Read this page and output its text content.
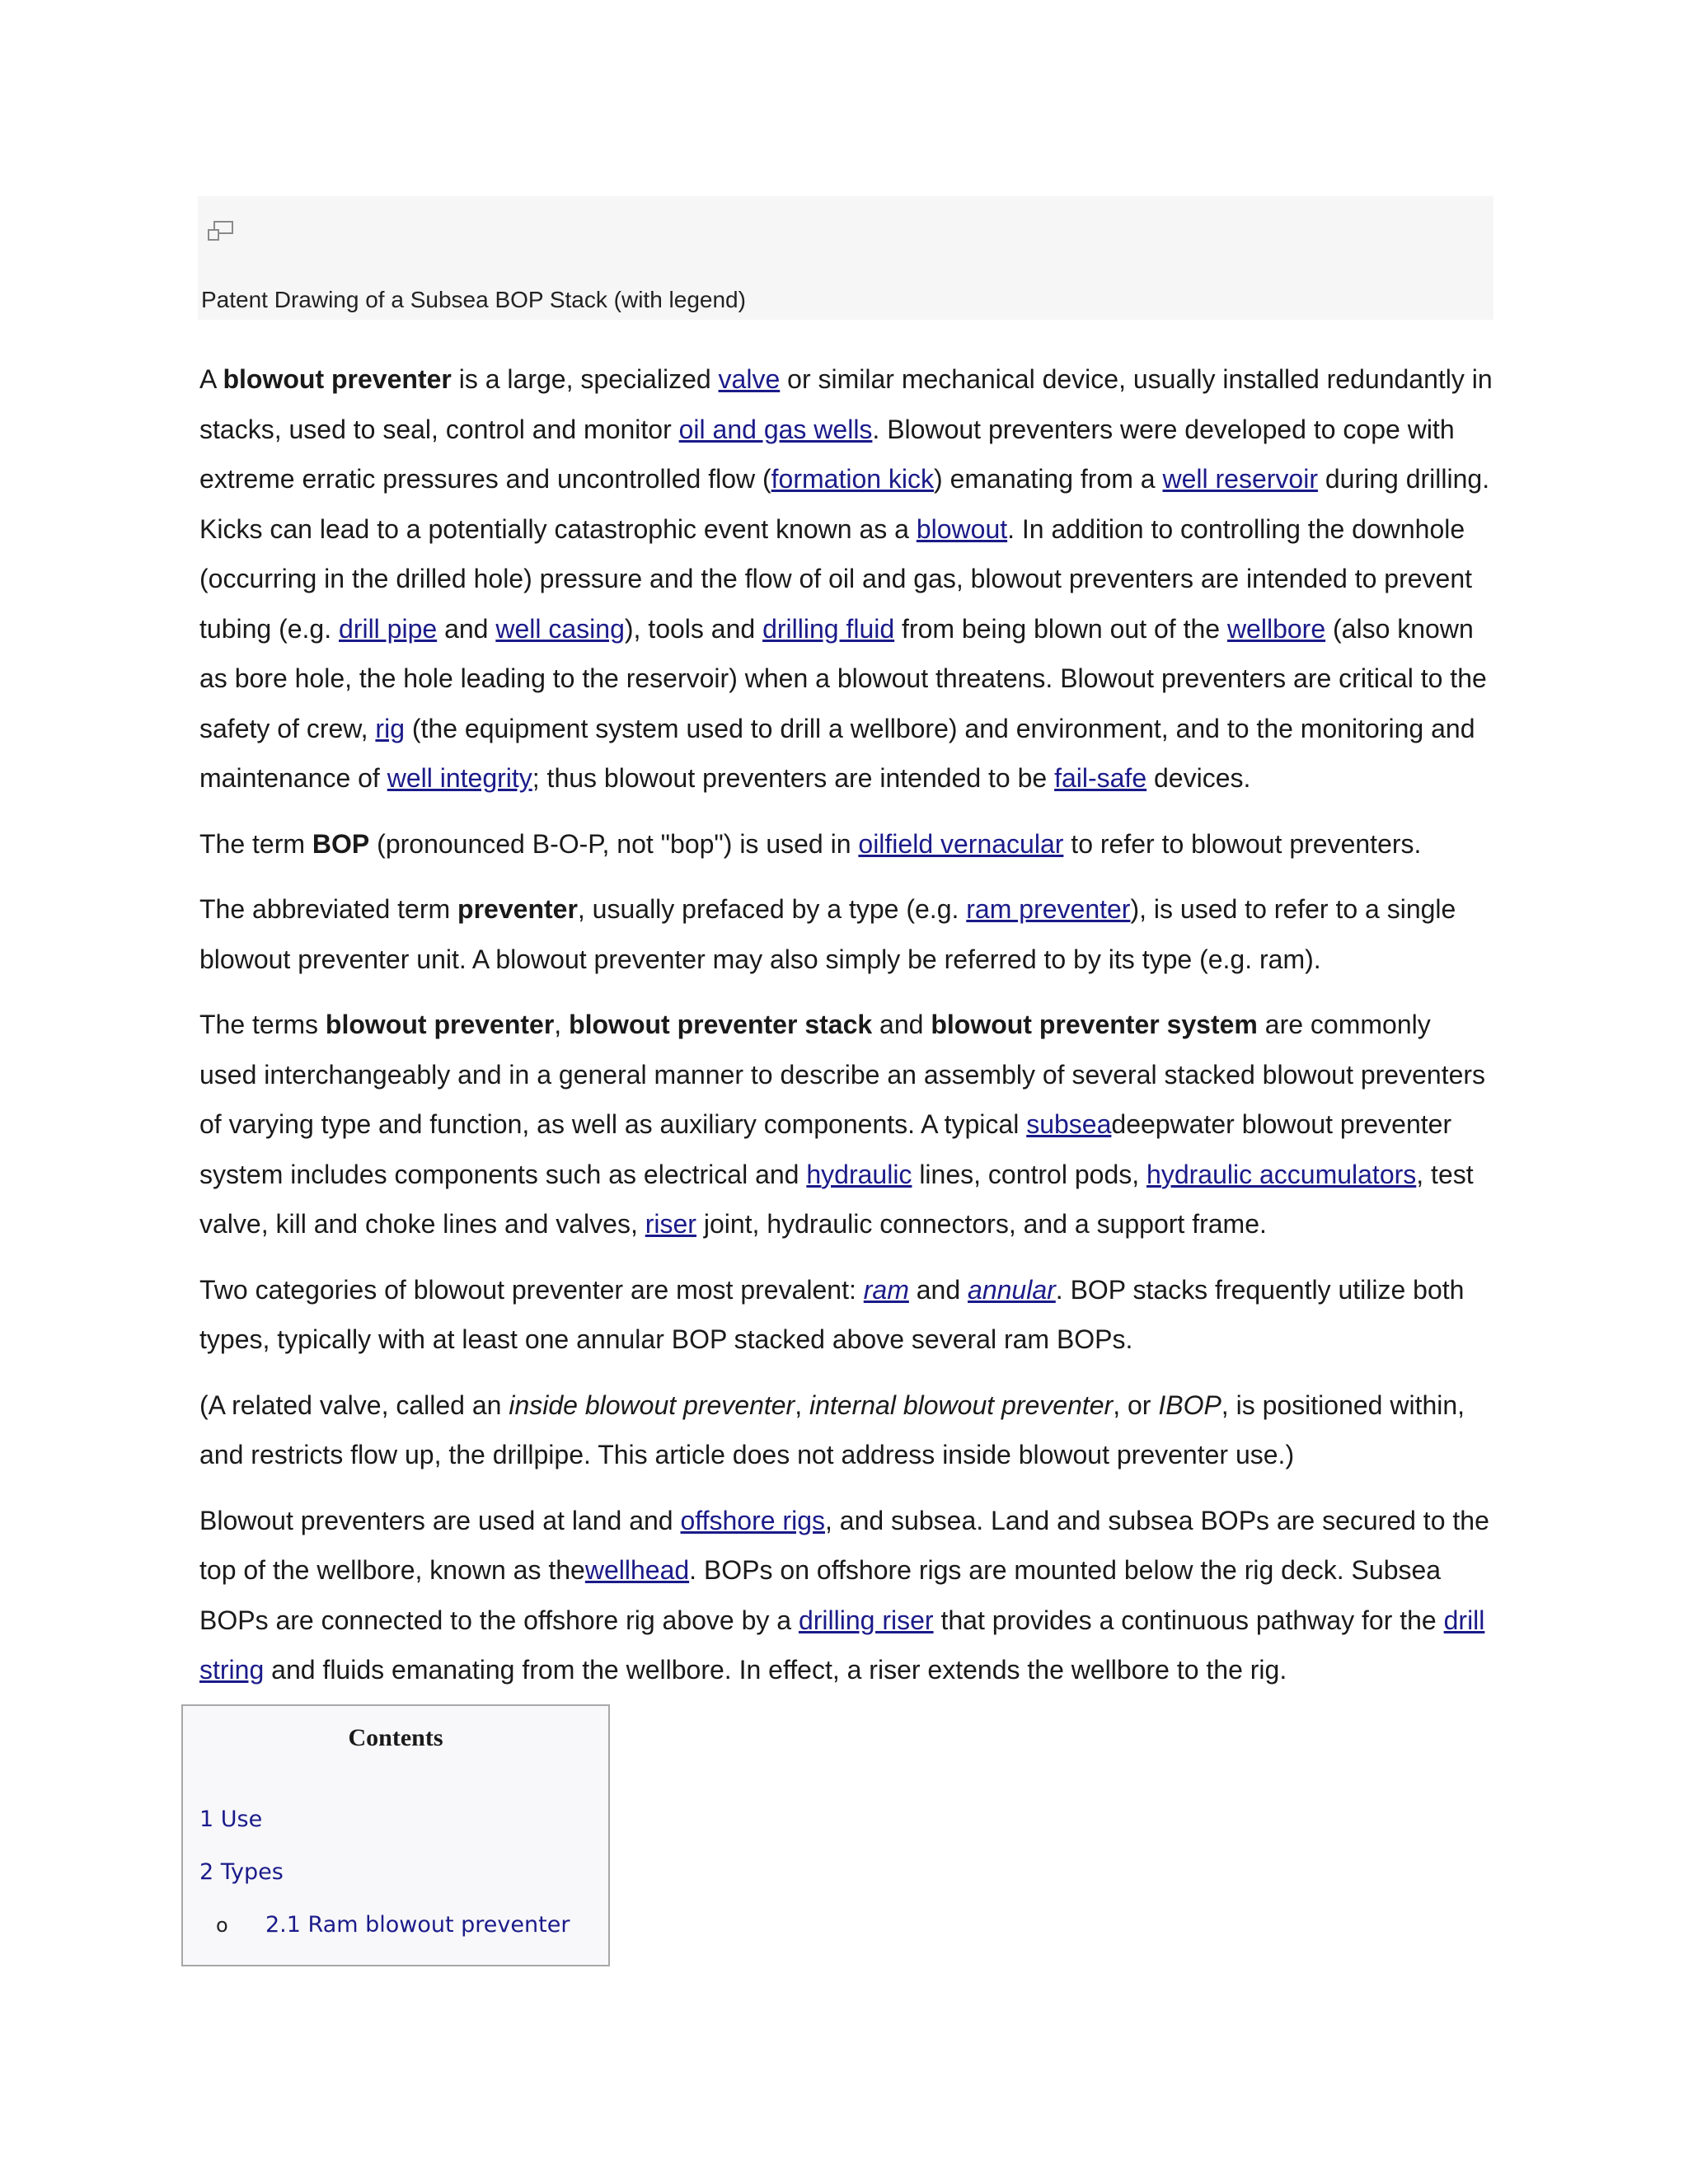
Patent Drawing of a Subsea BOP Stack (with legend)

A blowout preventer is a large, specialized valve or similar mechanical device, usually installed redundantly in stacks, used to seal, control and monitor oil and gas wells. Blowout preventers were developed to cope with extreme erratic pressures and uncontrolled flow (formation kick) emanating from a well reservoir during drilling. Kicks can lead to a potentially catastrophic event known as a blowout. In addition to controlling the downhole (occurring in the drilled hole) pressure and the flow of oil and gas, blowout preventers are intended to prevent tubing (e.g. drill pipe and well casing), tools and drilling fluid from being blown out of the wellbore (also known as bore hole, the hole leading to the reservoir) when a blowout threatens. Blowout preventers are critical to the safety of crew, rig (the equipment system used to drill a wellbore) and environment, and to the monitoring and maintenance of well integrity; thus blowout preventers are intended to be fail-safe devices.

The term BOP (pronounced B-O-P, not "bop") is used in oilfield vernacular to refer to blowout preventers.

The abbreviated term preventer, usually prefaced by a type (e.g. ram preventer), is used to refer to a single blowout preventer unit. A blowout preventer may also simply be referred to by its type (e.g. ram).

The terms blowout preventer, blowout preventer stack and blowout preventer system are commonly used interchangeably and in a general manner to describe an assembly of several stacked blowout preventers of varying type and function, as well as auxiliary components. A typical subseadeepwater blowout preventer system includes components such as electrical and hydraulic lines, control pods, hydraulic accumulators, test valve, kill and choke lines and valves, riser joint, hydraulic connectors, and a support frame.

Two categories of blowout preventer are most prevalent: ram and annular. BOP stacks frequently utilize both types, typically with at least one annular BOP stacked above several ram BOPs.

(A related valve, called an inside blowout preventer, internal blowout preventer, or IBOP, is positioned within, and restricts flow up, the drillpipe. This article does not address inside blowout preventer use.)

Blowout preventers are used at land and offshore rigs, and subsea. Land and subsea BOPs are secured to the top of the wellbore, known as thewellhead. BOPs on offshore rigs are mounted below the rig deck. Subsea BOPs are connected to the offshore rig above by a drilling riser that provides a continuous pathway for the drill string and fluids emanating from the wellbore. In effect, a riser extends the wellbore to the rig.

Contents
1 Use
2 Types
o 2.1 Ram blowout preventer
